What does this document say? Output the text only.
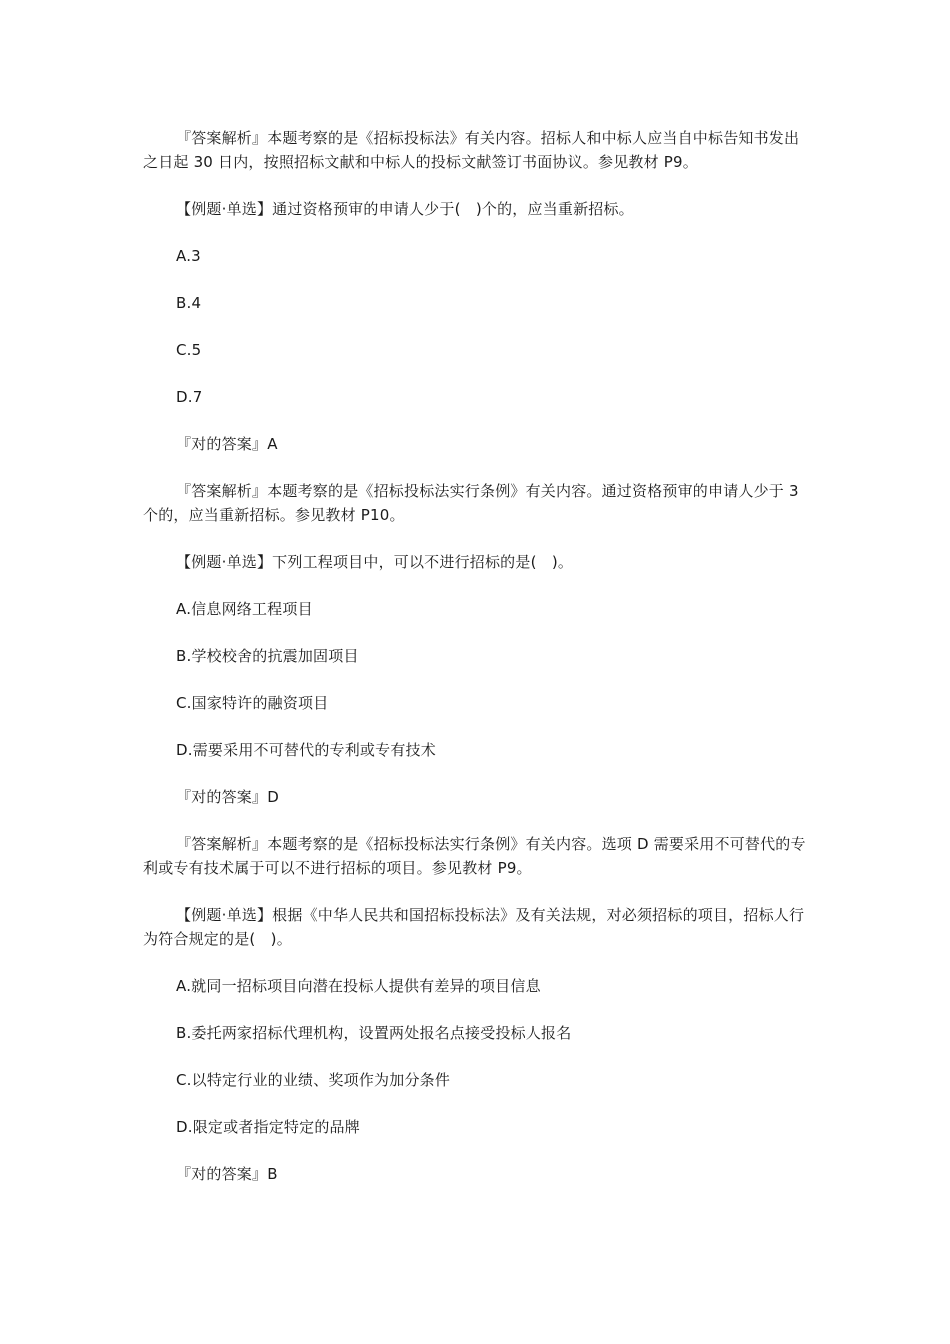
『答案解析』本题考察的是《招标投标法》有关内容。招标人和中标人应当自中标告知书发出之日起 30 日内，按照招标文献和中标人的投标文献签订书面协议。参见教材 P9。

【例题·单选】通过资格预审的申请人少于(　)个的，应当重新招标。

A.3

B.4

C.5

D.7

『对的答案』A

『答案解析』本题考察的是《招标投标法实行条例》有关内容。通过资格预审的申请人少于 3 个的，应当重新招标。参见教材 P10。

【例题·单选】下列工程项目中，可以不进行招标的是(　)。

A.信息网络工程项目

B.学校校舍的抗震加固项目

C.国家特许的融资项目

D.需要采用不可替代的专利或专有技术

『对的答案』D

『答案解析』本题考察的是《招标投标法实行条例》有关内容。选项 D 需要采用不可替代的专利或专有技术属于可以不进行招标的项目。参见教材 P9。

【例题·单选】根据《中华人民共和国招标投标法》及有关法规，对必须招标的项目，招标人行为符合规定的是(　)。

A.就同一招标项目向潜在投标人提供有差异的项目信息

B.委托两家招标代理机构，设置两处报名点接受投标人报名

C.以特定行业的业绩、奖项作为加分条件

D.限定或者指定特定的品牌

『对的答案』B
